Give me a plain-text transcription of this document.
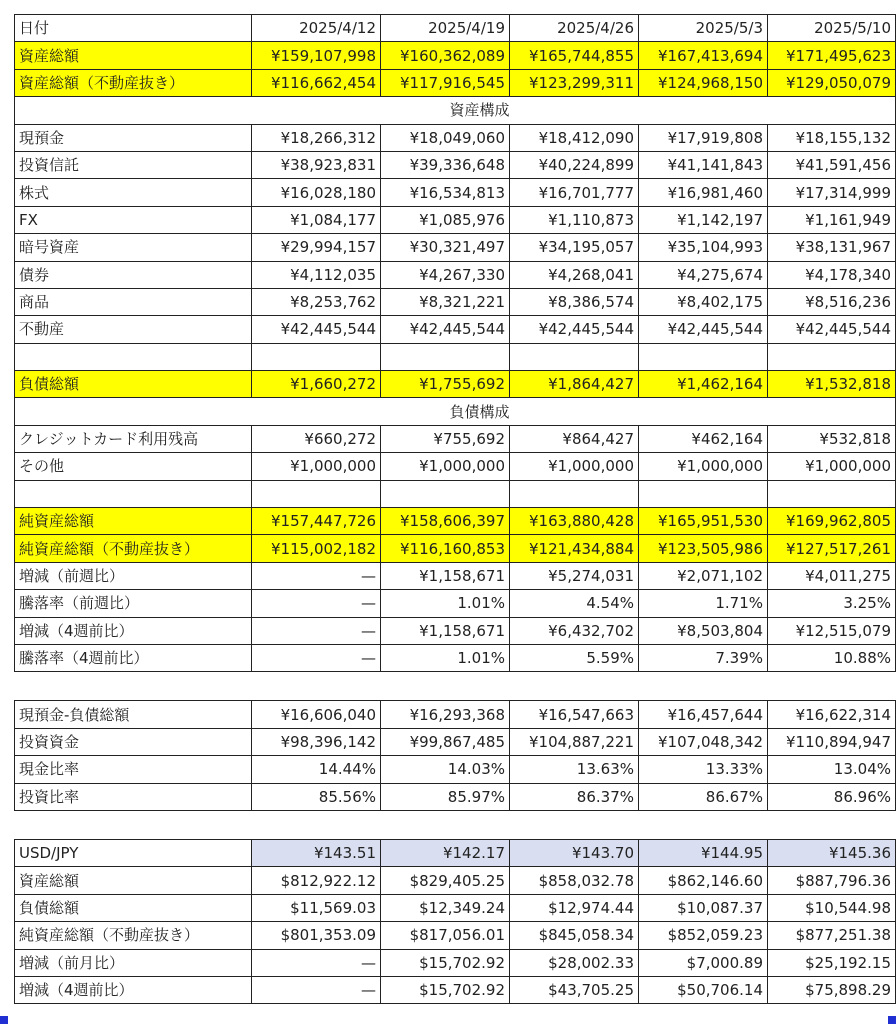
日付	2025/4/12	2025/4/19	2025/4/26	2025/5/3	2025/5/10
資産総額	¥159,107,998	¥160,362,089	¥165,744,855	¥167,413,694	¥171,495,623
資産総額（不動産抜き）	¥116,662,454	¥117,916,545	¥123,299,311	¥124,968,150	¥129,050,079
		資産構成			
現預金	¥18,266,312	¥18,049,060	¥18,412,090	¥17,919,808	¥18,155,132
投資信託	¥38,923,831	¥39,336,648	¥40,224,899	¥41,141,843	¥41,591,456
株式	¥16,028,180	¥16,534,813	¥16,701,777	¥16,981,460	¥17,314,999
FX	¥1,084,177	¥1,085,976	¥1,110,873	¥1,142,197	¥1,161,949
暗号資産	¥29,994,157	¥30,321,497	¥34,195,057	¥35,104,993	¥38,131,967
債券	¥4,112,035	¥4,267,330	¥4,268,041	¥4,275,674	¥4,178,340
商品	¥8,253,762	¥8,321,221	¥8,386,574	¥8,402,175	¥8,516,236
不動産	¥42,445,544	¥42,445,544	¥42,445,544	¥42,445,544	¥42,445,544

負債総額	¥1,660,272	¥1,755,692	¥1,864,427	¥1,462,164	¥1,532,818
		負債構成			
クレジットカード利用残高	¥660,272	¥755,692	¥864,427	¥462,164	¥532,818
その他	¥1,000,000	¥1,000,000	¥1,000,000	¥1,000,000	¥1,000,000

純資産総額	¥157,447,726	¥158,606,397	¥163,880,428	¥165,951,530	¥169,962,805
純資産総額（不動産抜き）	¥115,002,182	¥116,160,853	¥121,434,884	¥123,505,986	¥127,517,261
増減（前週比）	—	¥1,158,671	¥5,274,031	¥2,071,102	¥4,011,275
騰落率（前週比）	—	1.01%	4.54%	1.71%	3.25%
増減（4週前比）	—	¥1,158,671	¥6,432,702	¥8,503,804	¥12,515,079
騰落率（4週前比）	—	1.01%	5.59%	7.39%	10.88%
現預金-負債総額	¥16,606,040	¥16,293,368	¥16,547,663	¥16,457,644	¥16,622,314
投資資金	¥98,396,142	¥99,867,485	¥104,887,221	¥107,048,342	¥110,894,947
現金比率	14.44%	14.03%	13.63%	13.33%	13.04%
投資比率	85.56%	85.97%	86.37%	86.67%	86.96%
USD/JPY	¥143.51	¥142.17	¥143.70	¥144.95	¥145.36
資産総額	$812,922.12	$829,405.25	$858,032.78	$862,146.60	$887,796.36
負債総額	$11,569.03	$12,349.24	$12,974.44	$10,087.37	$10,544.98
純資産総額（不動産抜き）	$801,353.09	$817,056.01	$845,058.34	$852,059.23	$877,251.38
増減（前月比）	—	$15,702.92	$28,002.33	$7,000.89	$25,192.15
増減（4週前比）	—	$15,702.92	$43,705.25	$50,706.14	$75,898.29
